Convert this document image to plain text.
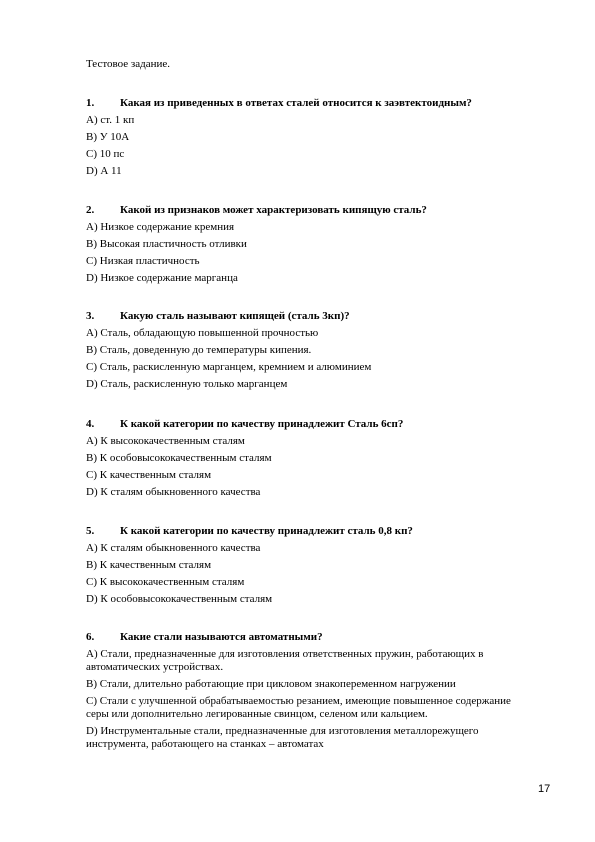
Тестовое задание.
1.	Какая из приведенных в ответах сталей относится к заэвтектоидным?
A) ст. 1 кп
B) У 10А
C) 10 пс
D) А 11
2.	Какой из признаков может характеризовать кипящую сталь?
A) Низкое содержание кремния
B) Высокая пластичность отливки
C) Низкая пластичность
D) Низкое содержание марганца
3.	Какую сталь называют кипящей (сталь 3кп)?
A) Сталь, обладающую повышенной прочностью
B) Сталь, доведенную до температуры кипения.
C) Сталь, раскисленную марганцем, кремнием и алюминием
D) Сталь, раскисленную только марганцем
4.	К какой категории по качеству принадлежит Сталь 6сп?
A) К высококачественным сталям
B) К особовысококачественным сталям
C) К качественным сталям
D) К сталям обыкновенного качества
5.	К какой категории по качеству принадлежит сталь 0,8 кп?
A) К сталям обыкновенного качества
B) К качественным сталям
C) К высококачественным сталям
D) К особовысококачественным сталям
6.	Какие стали называются автоматными?
A) Стали, предназначенные для изготовления ответственных пружин, работающих в автоматических устройствах.
B) Стали, длительно работающие при цикловом знакопеременном нагружении
C) Стали с улучшенной обрабатываемостью резанием, имеющие повышенное содержание серы или дополнительно легированные свинцом, селеном или кальцием.
D) Инструментальные стали, предназначенные для изготовления металлорежущего инструмента, работающего на станках – автоматах
17
